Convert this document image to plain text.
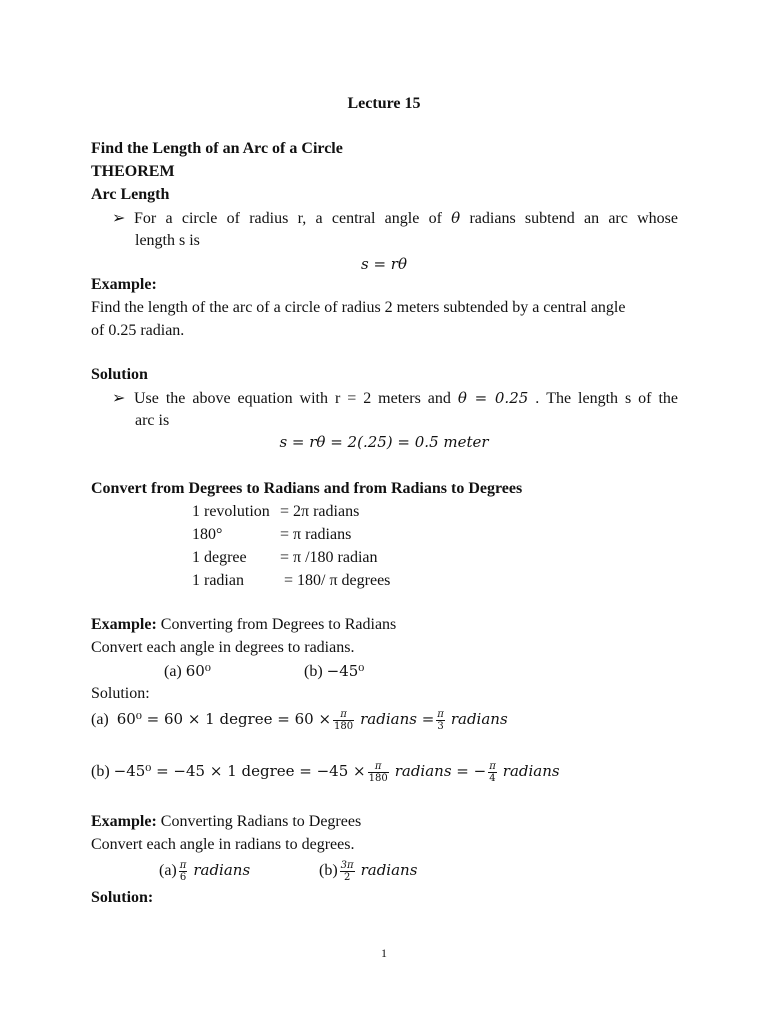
Lecture 15
Find the Length of an Arc of a Circle
THEOREM
Arc Length
➢ For a circle of radius r, a central angle of θ radians subtend an arc whose
length s is
s = rθ
Example:
Find the length of the arc of a circle of radius 2 meters subtended by a central angle
of 0.25 radian.
Solution
➢ Use the above equation with r = 2 meters and θ = 0.25 . The length s of the
arc is
s = rθ = 2(.25) = 0.5 meter
Convert from Degrees to Radians and from Radians to Degrees
1 revolution = 2π radians
180°	= π radians
1 degree = π /180 radian
1 radian	= 180/ π degrees
Example: Converting from Degrees to Radians
Convert each angle in degrees to radians.
(a) 60⁰	(b) −45⁰
Solution:
(a) 60⁰ = 60 × 1 degree = $60 \times \frac{\pi}{180}$ radians = $\frac{\pi}{3}$ radians
(b) −45⁰ = −45 × 1 degree = $-45 \times \frac{\pi}{180}$ radians = − $\frac{\pi}{4}$ radians
Example: Converting Radians to Degrees
Convert each angle in radians to degrees.
$(a) \frac{\pi}{6}$ radians	$(b) \frac{3\pi}{2}$ radians
Solution:
1
